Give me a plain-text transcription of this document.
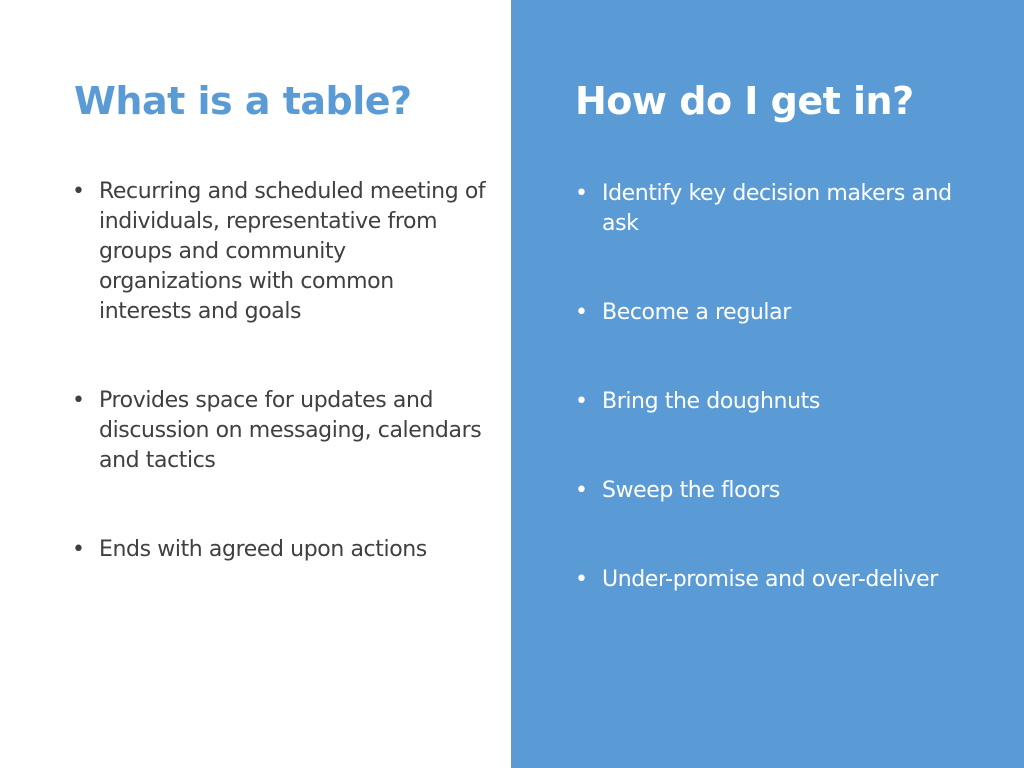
What is a table?
• Recurring and scheduled meeting of individuals, representative from groups and community organizations with common interests and goals
• Provides space for updates and discussion on messaging, calendars and tactics
• Ends with agreed upon actions
How do I get in?
• Identify key decision makers and ask
• Become a regular
• Bring the doughnuts
• Sweep the floors
• Under-promise and over-deliver
